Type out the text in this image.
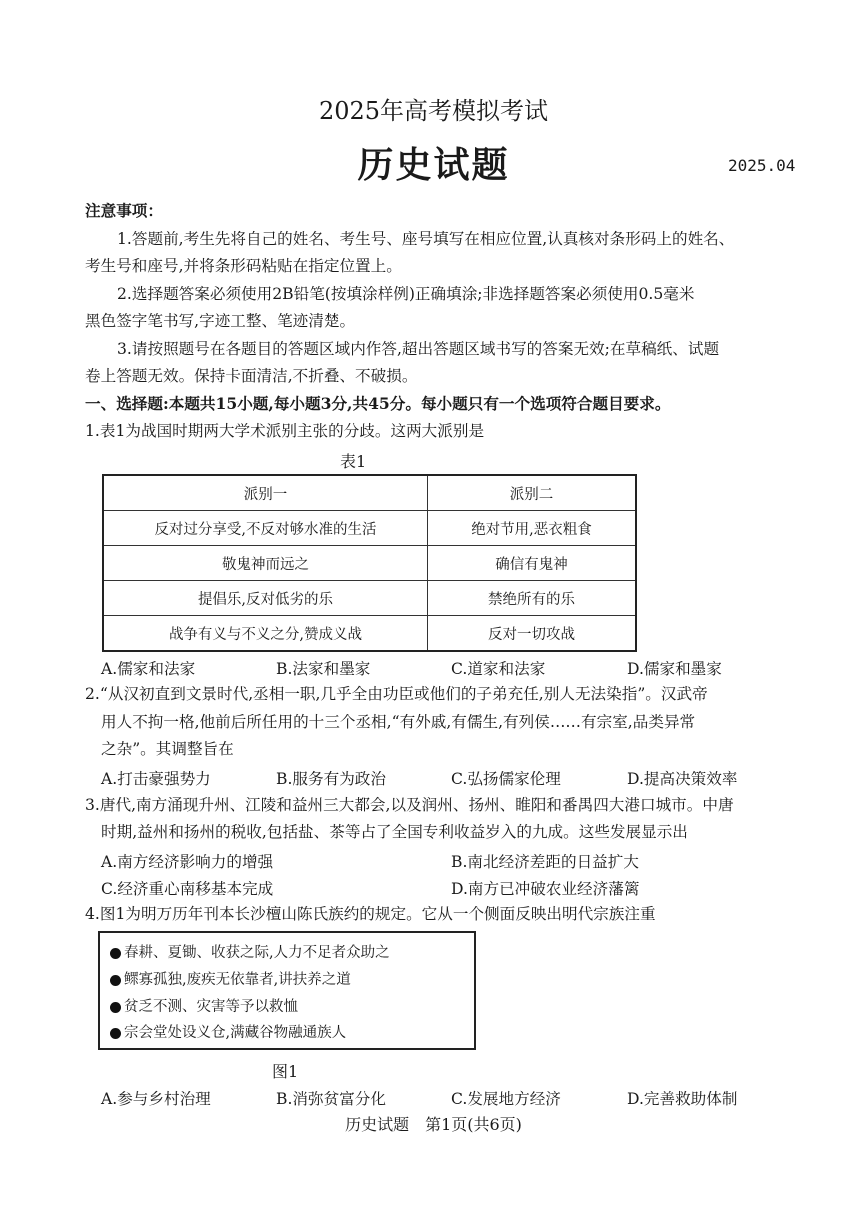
2025年高考模拟考试
历史试题	2025.04
注意事项：
1.答题前,考生先将自己的姓名、考生号、座号填写在相应位置,认真核对条形码上的姓名、
考生号和座号,并将条形码粘贴在指定位置上。
2.选择题答案必须使用2B铅笔(按填涂样例)正确填涂;非选择题答案必须使用0.5毫米
黑色签字笔书写,字迹工整、笔迹清楚。
3.请按照题号在各题目的答题区域内作答,超出答题区域书写的答案无效;在草稿纸、试题
卷上答题无效。保持卡面清洁,不折叠、不破损。
一、选择题:本题共15小题,每小题3分,共45分。每小题只有一个选项符合题目要求。
1.表1为战国时期两大学术派别主张的分歧。这两大派别是
表1
派别一	派别二
反对过分享受,不反对够水准的生活	绝对节用,恶衣粗食
敬鬼神而远之	确信有鬼神
提倡乐,反对低劣的乐	禁绝所有的乐
战争有义与不义之分,赞成义战	反对一切攻战
A.儒家和法家	B.法家和墨家	C.道家和法家	D.儒家和墨家
2.“从汉初直到文景时代,丞相一职,几乎全由功臣或他们的子弟充任,别人无法染指”。汉武帝
用人不拘一格,他前后所任用的十三个丞相,“有外戚,有儒生,有列侯……有宗室,品类异常
之杂”。其调整旨在
A.打击豪强势力	B.服务有为政治	C.弘扬儒家伦理	D.提高决策效率
3.唐代,南方涌现升州、江陵和益州三大都会,以及润州、扬州、睢阳和番禺四大港口城市。中唐
时期,益州和扬州的税收,包括盐、茶等占了全国专利收益岁入的九成。这些发展显示出
A.南方经济影响力的增强	B.南北经济差距的日益扩大
C.经济重心南移基本完成	D.南方已冲破农业经济藩篱
4.图1为明万历年刊本长沙檀山陈氏族约的规定。它从一个侧面反映出明代宗族注重
春耕、夏锄、收获之际,人力不足者众助之
鳏寡孤独,废疾无依靠者,讲扶养之道
贫乏不测、灾害等予以救恤
宗会堂处设义仓,满藏谷物融通族人
图1
A.参与乡村治理	B.消弥贫富分化	C.发展地方经济	D.完善救助体制
历史试题　第1页(共6页)
